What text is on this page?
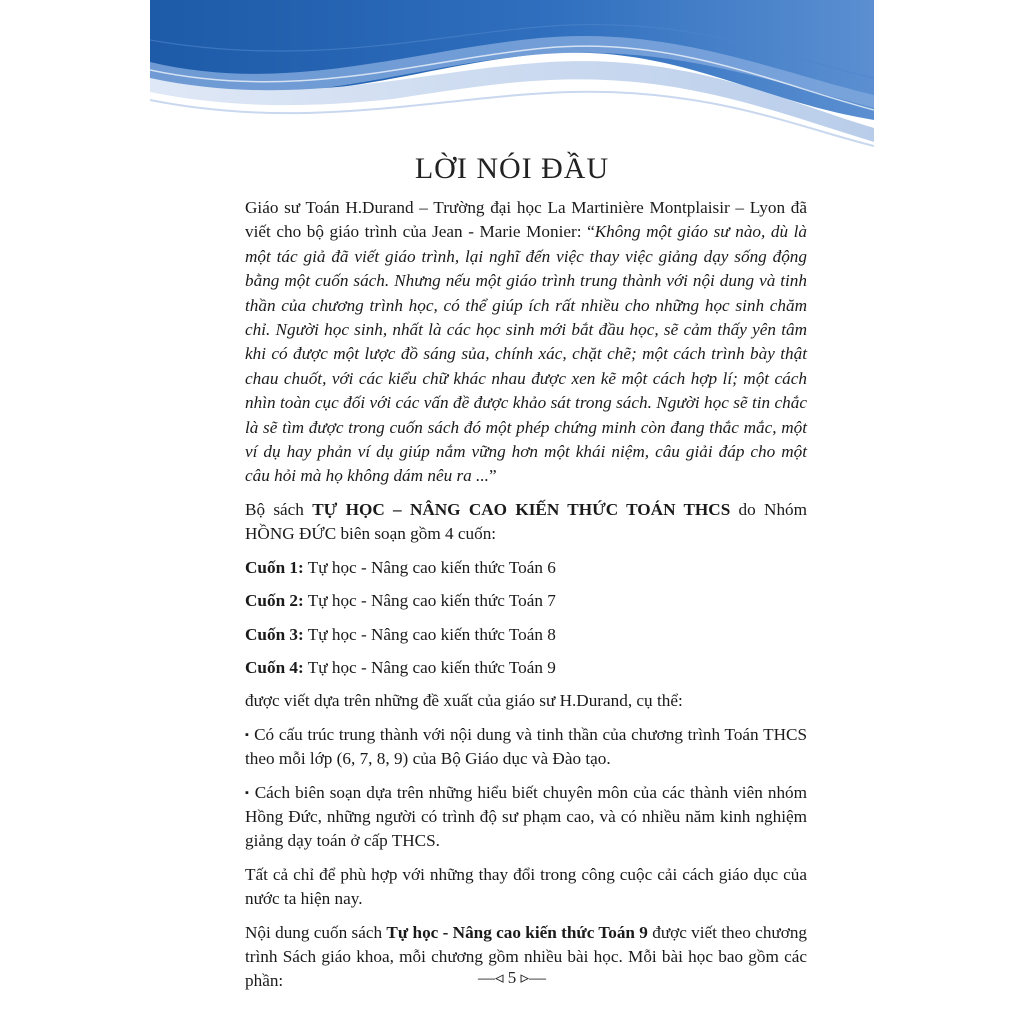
LỜI NÓI ĐẦU

Giáo sư Toán H.Durand – Trường đại học La Martinière Montplaisir – Lyon đã viết cho bộ giáo trình của Jean - Marie Monier: “Không một giáo sư nào, dù là một tác giả đã viết giáo trình, lại nghĩ đến việc thay việc giảng dạy sống động bằng một cuốn sách. Nhưng nếu một giáo trình trung thành với nội dung và tinh thần của chương trình học, có thể giúp ích rất nhiều cho những học sinh chăm chỉ. Người học sinh, nhất là các học sinh mới bắt đầu học, sẽ cảm thấy yên tâm khi có được một lược đồ sáng sủa, chính xác, chặt chẽ; một cách trình bày thật chau chuốt, với các kiểu chữ khác nhau được xen kẽ một cách hợp lí; một cách nhìn toàn cục đối với các vấn đề được khảo sát trong sách. Người học sẽ tin chắc là sẽ tìm được trong cuốn sách đó một phép chứng minh còn đang thắc mắc, một ví dụ hay phản ví dụ giúp nắm vững hơn một khái niệm, câu giải đáp cho một câu hỏi mà họ không dám nêu ra ...”

Bộ sách TỰ HỌC – NÂNG CAO KIẾN THỨC TOÁN THCS do Nhóm HỒNG ĐỨC biên soạn gồm 4 cuốn:

Cuốn 1: Tự học - Nâng cao kiến thức Toán 6

Cuốn 2: Tự học - Nâng cao kiến thức Toán 7

Cuốn 3: Tự học - Nâng cao kiến thức Toán 8

Cuốn 4: Tự học - Nâng cao kiến thức Toán 9

được viết dựa trên những đề xuất của giáo sư H.Durand, cụ thể:

▪ Có cấu trúc trung thành với nội dung và tinh thần của chương trình Toán THCS theo mỗi lớp (6, 7, 8, 9) của Bộ Giáo dục và Đào tạo.

▪ Cách biên soạn dựa trên những hiểu biết chuyên môn của các thành viên nhóm Hồng Đức, những người có trình độ sư phạm cao, và có nhiều năm kinh nghiệm giảng dạy toán ở cấp THCS.

Tất cả chỉ để phù hợp với những thay đổi trong công cuộc cải cách giáo dục của nước ta hiện nay.

Nội dung cuốn sách Tự học - Nâng cao kiến thức Toán 9 được viết theo chương trình Sách giáo khoa, mỗi chương gồm nhiều bài học. Mỗi bài học bao gồm các phần:	––◃ 5 ▹––
